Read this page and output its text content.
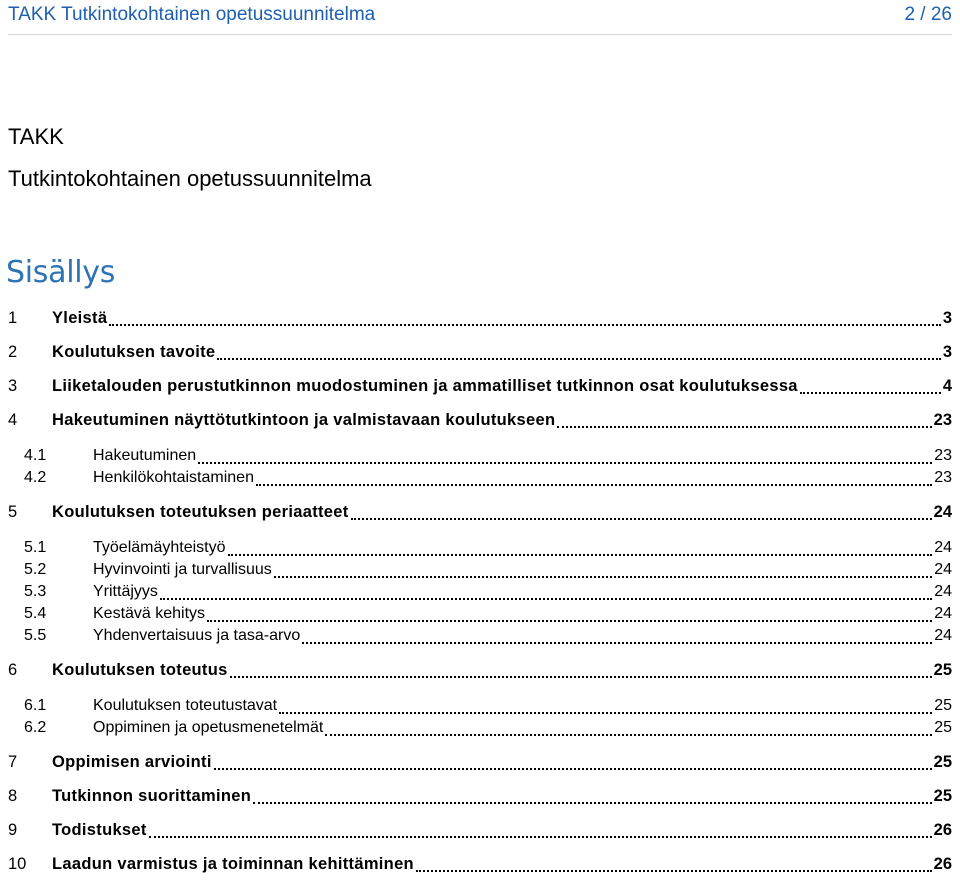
TAKK Tutkintokohtainen opetussuunnitelma	2 / 26
TAKK
Tutkintokohtainen opetussuunnitelma
Sisällys
1	Yleistä	3
2	Koulutuksen tavoite	3
3	Liiketalouden perustutkinnon muodostuminen ja ammatilliset tutkinnon osat koulutuksessa	4
4	Hakeutuminen näyttötutkintoon ja valmistavaan koulutukseen	23
4.1	Hakeutuminen	23
4.2	Henkilökohtaistaminen	23
5	Koulutuksen toteutuksen periaatteet	24
5.1	Työelämäyhteistyö	24
5.2	Hyvinvointi ja turvallisuus	24
5.3	Yrittäjyys	24
5.4	Kestävä kehitys	24
5.5	Yhdenvertaisuus ja tasa-arvo	24
6	Koulutuksen toteutus	25
6.1	Koulutuksen toteutustavat	25
6.2	Oppiminen ja opetusmenetelmät	25
7	Oppimisen arviointi	25
8	Tutkinnon suorittaminen	25
9	Todistukset	26
10	Laadun varmistus ja toiminnan kehittäminen	26
